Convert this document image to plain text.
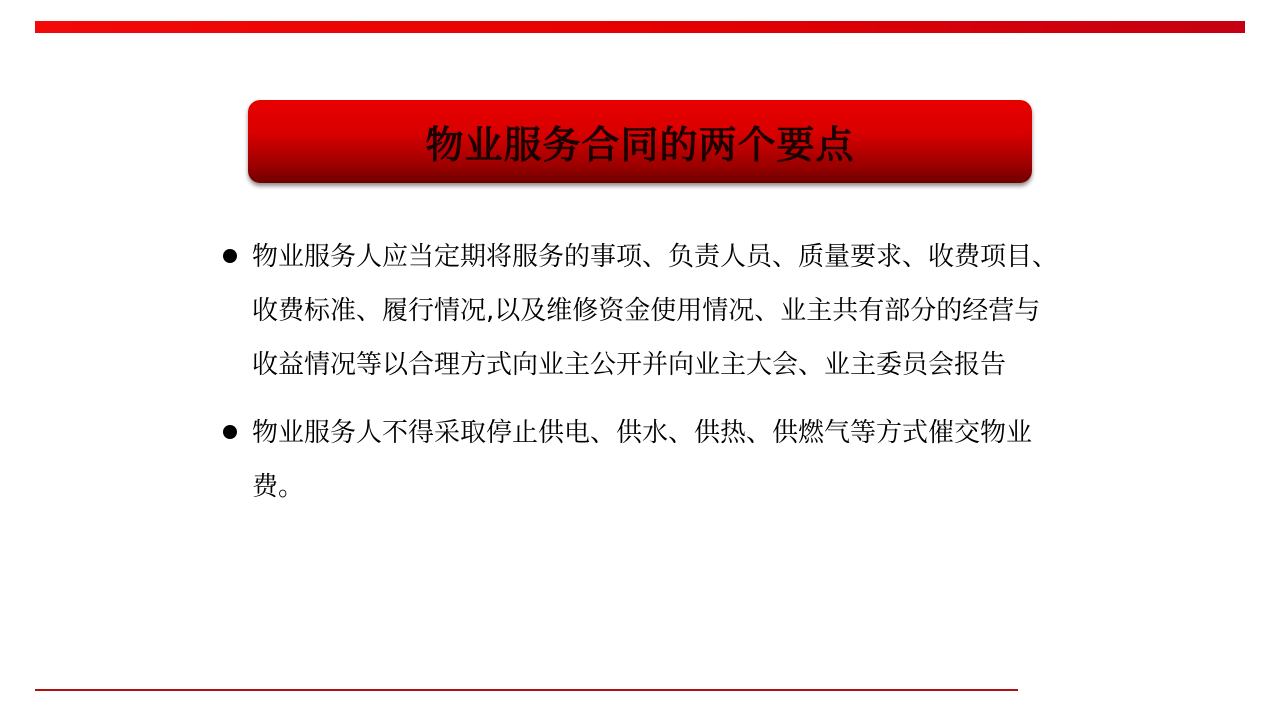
物业服务合同的两个要点
物业服务人应当定期将服务的事项、负责人员、质量要求、收费项目、
收费标准、履行情况,以及维修资金使用情况、业主共有部分的经营与
收益情况等以合理方式向业主公开并向业主大会、业主委员会报告
物业服务人不得采取停止供电、供水、供热、供燃气等方式催交物业
费。
